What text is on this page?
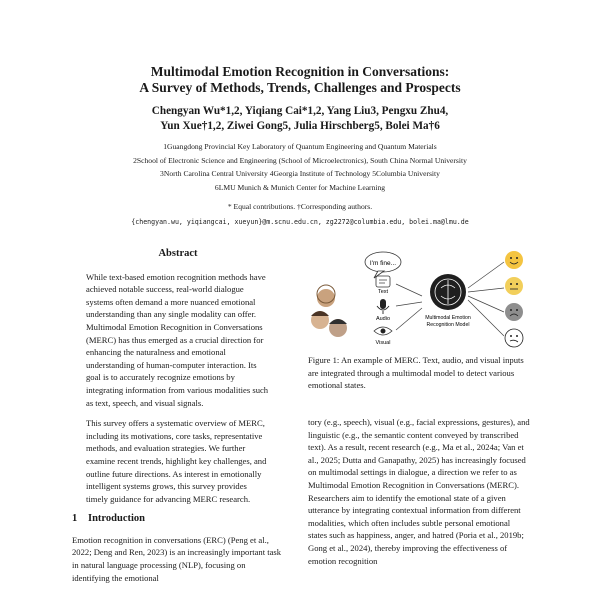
Multimodal Emotion Recognition in Conversations:
A Survey of Methods, Trends, Challenges and Prospects
Chengyan Wu*1,2, Yiqiang Cai*1,2, Yang Liu3, Pengxu Zhu4,
Yun Xue†1,2, Ziwei Gong5, Julia Hirschberg5, Bolei Ma†6
1Guangdong Provincial Key Laboratory of Quantum Engineering and Quantum Materials
2School of Electronic Science and Engineering (School of Microelectronics), South China Normal University
3North Carolina Central University 4Georgia Institute of Technology 5Columbia University
6LMU Munich & Munich Center for Machine Learning
* Equal contributions. †Corresponding authors.
{chengyan.wu, yiqiangcai, xueyun}@m.scnu.edu.cn, zg2272@columbia.edu, bolei.ma@lmu.de
Abstract

While text-based emotion recognition methods have achieved notable success, real-world dialogue systems often demand a more nuanced emotional understanding than any single modality can offer. Multimodal Emotion Recognition in Conversations (MERC) has thus emerged as a crucial direction for enhancing the naturalness and emotional understanding of human-computer interaction. Its goal is to accurately recognize emotions by integrating information from various modalities such as text, speech, and visual signals.

This survey offers a systematic overview of MERC, including its motivations, core tasks, representative methods, and evaluation strategies. We further examine recent trends, highlight key challenges, and outline future directions. As interest in emotionally intelligent systems grows, this survey provides timely guidance for advancing MERC research.

1 Introduction

Emotion recognition in conversations (ERC) (Peng et al., 2022; Deng and Ren, 2023) is an increasingly important task in natural language processing (NLP), focusing on identifying the emotional

I'm fine...
Text
Audio
Visual
Multimodal Emotion
Recognition Model
Figure 1: An example of MERC. Text, audio, and visual inputs are integrated through a multimodal model to detect various emotional states.
tory (e.g., speech), visual (e.g., facial expressions, gestures), and linguistic (e.g., the semantic content conveyed by transcribed text). As a result, recent research (e.g., Ma et al., 2024a; Van et al., 2025; Dutta and Ganapathy, 2025) has increasingly focused on multimodal settings in dialogue, a direction we refer to as Multimodal Emotion Recognition in Conversations (MERC). Researchers aim to identify the emotional state of a given utterance by integrating contextual information from different modalities, which often includes subtle personal emotional states such as happiness, anger, and hatred (Poria et al., 2019b; Gong et al., 2024), thereby improving the effectiveness of emotion recognition
